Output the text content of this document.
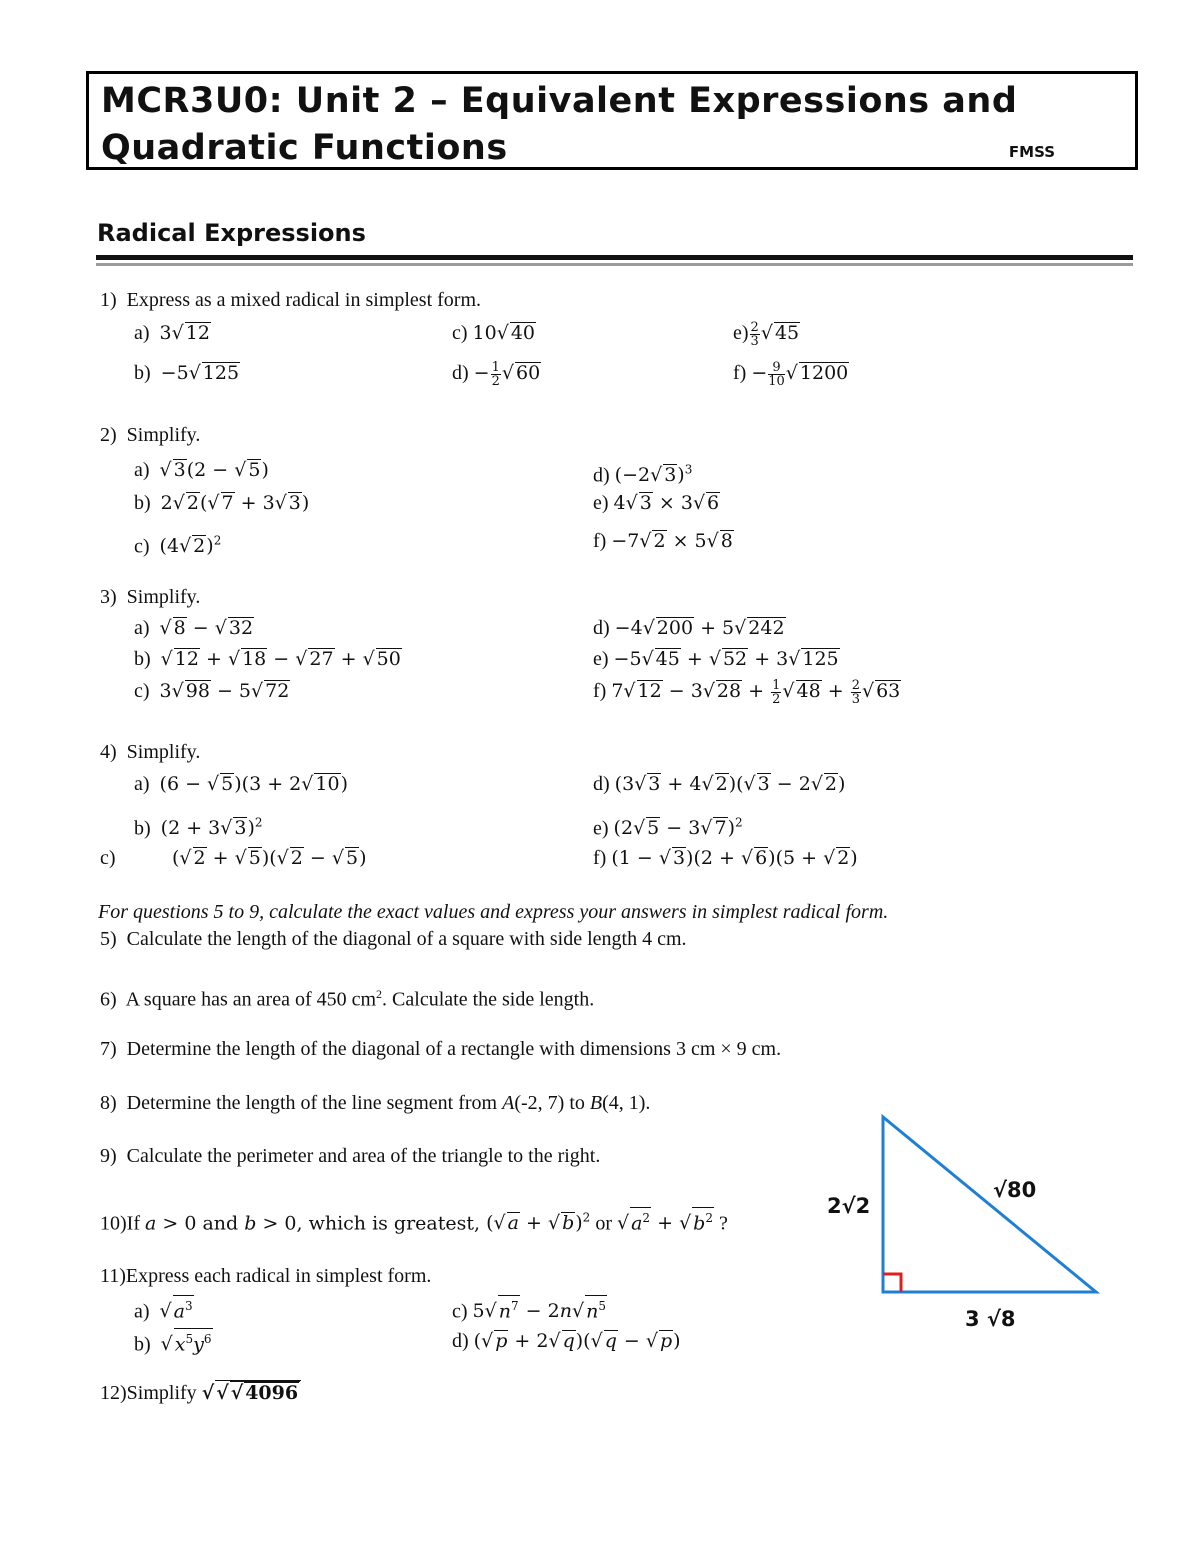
MCR3U0: Unit 2 – Equivalent Expressions and
Quadratic Functions	FMSS
Radical Expressions
1) Express as a mixed radical in simplest form.
a) 3√ 12
b) −5√ 125
c) 10√ 40
$d) - \frac{1}{2}$ √ 60
$e) \frac{2}{3}$ √ 45
$f) - \frac{9}{10}$ √ 1200
2) Simplify.
a) √ 3(2 − √ 5)
b) 2√ 2(√ 7 + 3√ 3)
c) (4√ 2)$^2$
d) (−2√ 3)$^3$
e) 4√ 3 × 3√ 6
f) −7√ 2 × 5√ 8
3) Simplify.
a) √ 8 − √ 32
b) √ 12 + √ 18 − √ 27 + √ 50
c) 3√ 98 − 5√ 72
d) −4√ 200 + 5√ 242
e) −5√ 45 + √ 52 + 3√ 125
f) 7√ 12 − 3√ $28 + \frac{1}{2}$ √ $48 + \frac{2}{3}$ √ 63
4) Simplify.
a) (6 − √ 5)(3 + 2√ 10)
b) (2 + 3√ 3)$^2$
c)	(√ 2 + √ 5)(√ 2 − √ 5)
d) (3√ 3 + 4√ 2)(√ 3 − 2√ 2)
e) (2√ 5 − 3√ 7)$^2$
f) (1 − √ 3)(2 + √ 6)(5 + √ 2)
For questions 5 to 9, calculate the exact values and express your answers in simplest radical form.
5) Calculate the length of the diagonal of a square with side length 4 cm.
6) A square has an area of 450 $cm^2$. Calculate the side length.
7) Determine the length of the diagonal of a rectangle with dimensions 3 cm × 9 cm.
8) Determine the length of the line segment from A(-2, 7) to B(4, 1).
9) Calculate the perimeter and area of the triangle to the right.
10)If a > 0 and b > 0, which is greatest, (√ a + √ b)$^2$ or √ $a^2$ + √ $b^2$ ?
11)Express each radical in simplest form.
a) √ $a^3$
b) √ $x^5y^6$
c) 5√ $n^7 - 2n√$ $n^5$
d) (√ p + 2√ q)(√ q − √ p)
12)Simplify √ √ √ 4096
2√2
√80
3 √8
